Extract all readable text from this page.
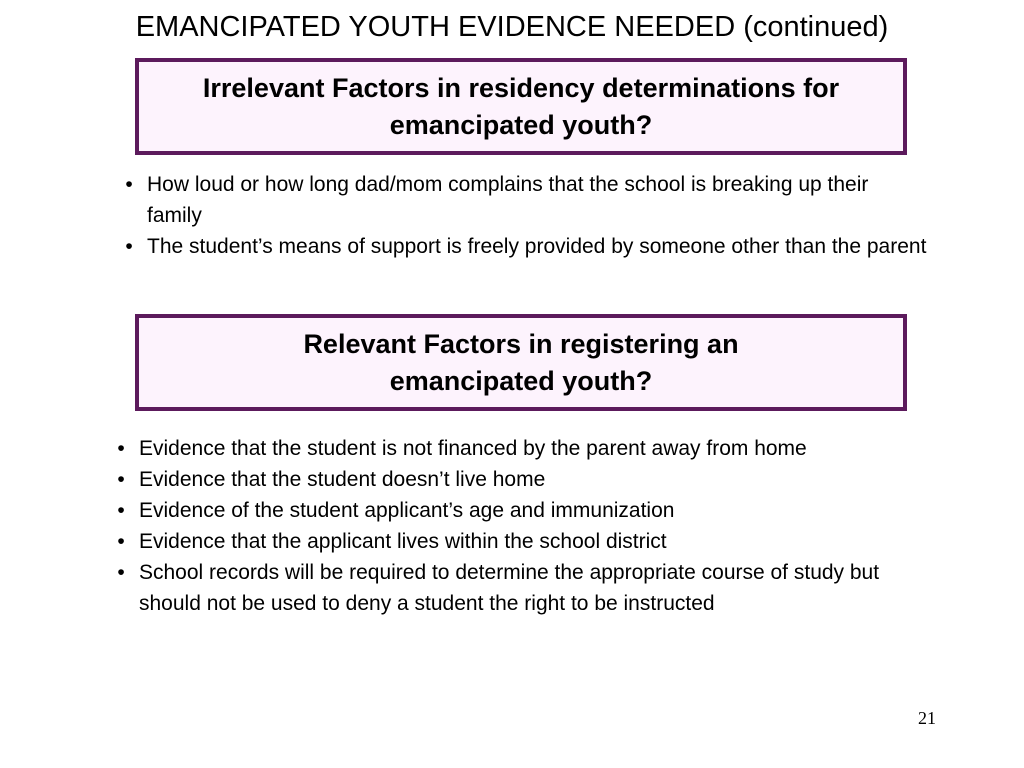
EMANCIPATED YOUTH EVIDENCE NEEDED (continued)
Irrelevant Factors in residency determinations for
emancipated youth?
• How loud or how long dad/mom complains that the school is breaking up their family
• The student’s means of support is freely provided by someone other than the parent
Relevant Factors in registering an
emancipated youth?
• Evidence that the student is not financed by the parent away from home
• Evidence that the student doesn’t live home
• Evidence of the student applicant’s age and immunization
• Evidence that the applicant lives within the school district
• School records will be required to determine the appropriate course of study but should not be used to deny a student the right to be instructed
21
